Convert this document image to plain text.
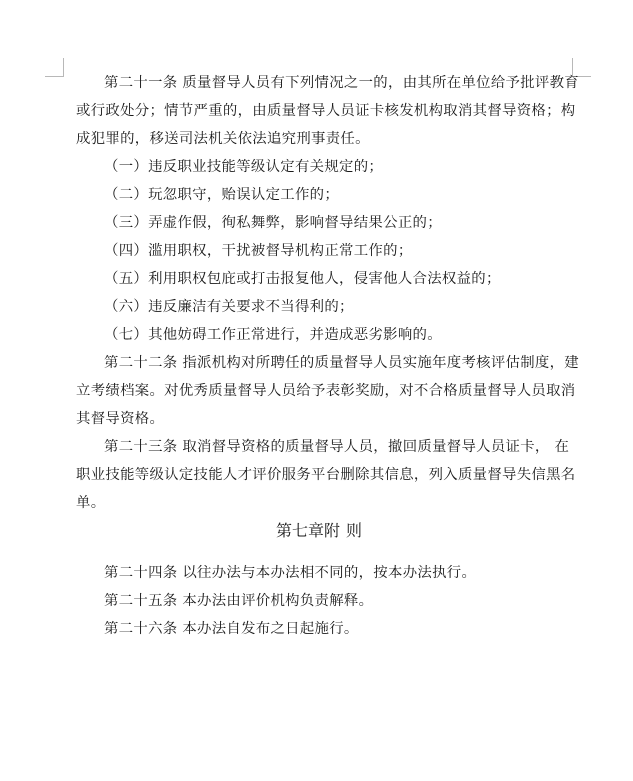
第二十一条 质量督导人员有下列情况之一的，由其所在单位给予批评教育
或行政处分；情节严重的，由质量督导人员证卡核发机构取消其督导资格；构
成犯罪的，移送司法机关依法追究刑事责任。
（一）违反职业技能等级认定有关规定的；
（二）玩忽职守，贻误认定工作的；
（三）弄虚作假，徇私舞弊，影响督导结果公正的；
（四）滥用职权，干扰被督导机构正常工作的；
（五）利用职权包庇或打击报复他人，侵害他人合法权益的；
（六）违反廉洁有关要求不当得利的；
（七）其他妨碍工作正常进行，并造成恶劣影响的。
第二十二条 指派机构对所聘任的质量督导人员实施年度考核评估制度，建
立考绩档案。对优秀质量督导人员给予表彰奖励，对不合格质量督导人员取消
其督导资格。
第二十三条 取消督导资格的质量督导人员，撤回质量督导人员证卡， 在
职业技能等级认定技能人才评价服务平台删除其信息，列入质量督导失信黑名
单。
第七章附 则
第二十四条 以往办法与本办法相不同的，按本办法执行。
第二十五条 本办法由评价机构负责解释。
第二十六条 本办法自发布之日起施行。
